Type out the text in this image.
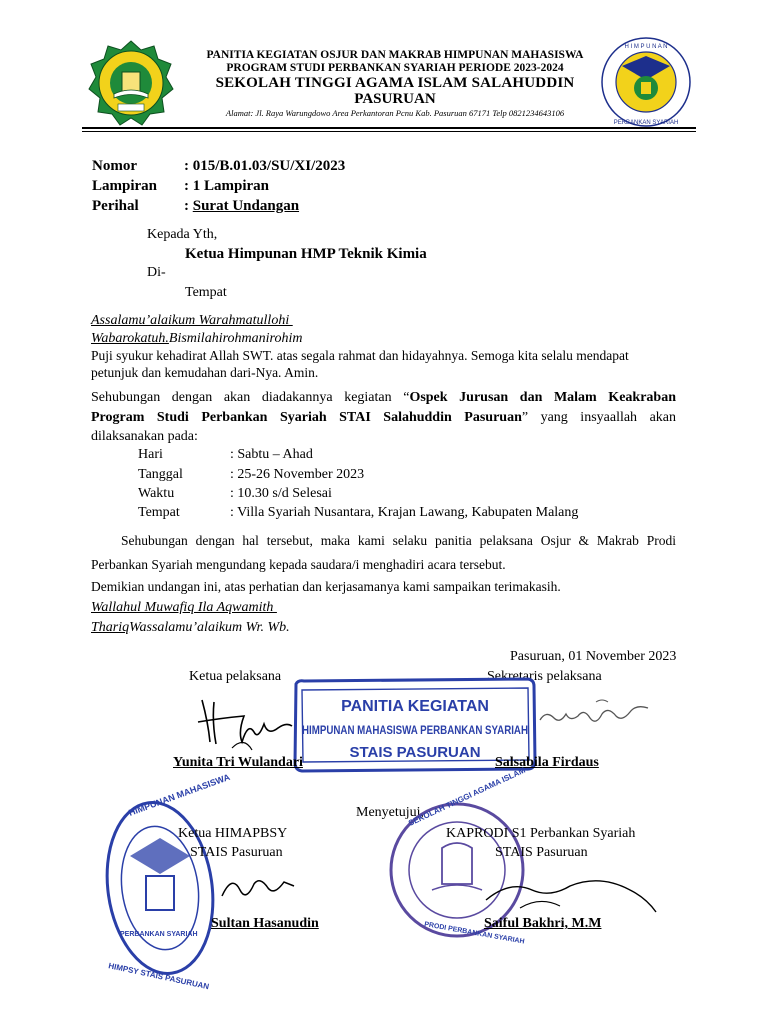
H I M P U N A N
PERBANKAN SYARIAH
PANITIA KEGIATAN OSJUR DAN MAKRAB HIMPUNAN MAHASISWA
PROGRAM STUDI PERBANKAN SYARIAH PERIODE 2023-2024
SEKOLAH TINGGI AGAMA ISLAM SALAHUDDIN
PASURUAN
Alamat: Jl. Raya Warungdowo Area Perkantoran Pcnu Kab. Pasuruan 67171 Telp 0821234643106
Nomor	: 015/B.01.03/SU/XI/2023
Lampiran : 1 Lampiran
Perihal	: Surat Undangan
Kepada Yth,
Ketua Himpunan HMP Teknik Kimia
Di-
Tempat
Assalamu’alaikum Warahmatullohi
Wabarokatuh.Bismilahirohmanirohim
Puji syukur kehadirat Allah SWT. atas segala rahmat dan hidayahnya. Semoga kita selalu mendapat
petunjuk dan kemudahan dari-Nya. Amin.
Sehubungan dengan akan diadakannya kegiatan “Ospek Jurusan dan Malam Keakraban
Program Studi Perbankan Syariah STAI Salahuddin Pasuruan” yang insyaallah akan
dilaksanakan pada:
Hari	: Sabtu – Ahad
Tanggal	: 25-26 November 2023
Waktu	: 10.30 s/d Selesai
Tempat	: Villa Syariah Nusantara, Krajan Lawang, Kabupaten Malang
Sehubungan dengan hal tersebut, maka kami selaku panitia pelaksana Osjur & Makrab Prodi
Perbankan Syariah mengundang kepada saudara/i menghadiri acara tersebut.
Demikian undangan ini, atas perhatian dan kerjasamanya kami sampaikan terimakasih.
Wallahul Muwafiq Ila Aqwamith
ThariqWassalamu’alaikum Wr. Wb.
Pasuruan, 01 November 2023
Ketua pelaksana	Sekretaris pelaksana
PANITIA KEGIATAN
HIMPUNAN MAHASISWA PERBANKAN SYARIAH
STAIS PASURUAN
Yunita Tri Wulandari	Salsabila Firdaus
Menyetujui,
HIMPUNAN MAHASISWA
PERBANKAN SYARIAH
HIMPSY STAIS PASURUAN
SEKOLAH TINGGI AGAMA ISLAM
PRODI PERBANKAN SYARIAH
Ketua HIMAPBSY
STAIS Pasuruan
KAPRODI S1 Perbankan Syariah
STAIS Pasuruan
Sultan Hasanudin	Saiful Bakhri, M.M
